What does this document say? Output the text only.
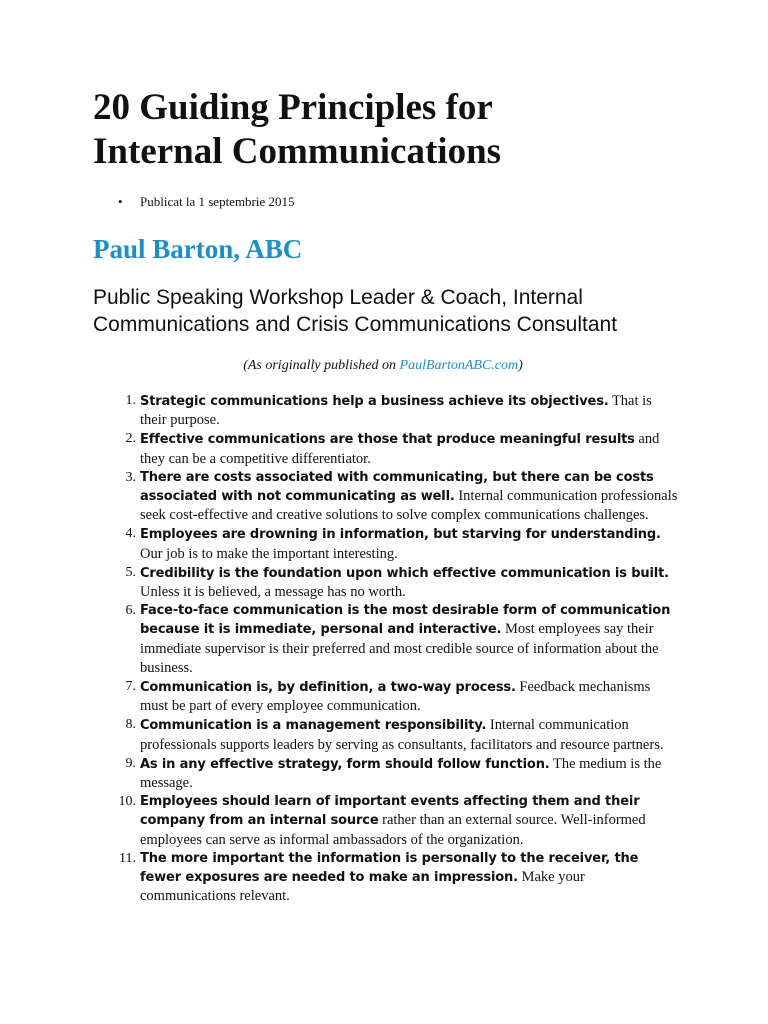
20 Guiding Principles for
Internal Communications
• Publicat la 1 septembrie 2015
Paul Barton, ABC

Public Speaking Workshop Leader & Coach, Internal Communications and Crisis Communications Consultant

(As originally published on PaulBartonABC.com)

1. Strategic communications help a business achieve its objectives. That is their purpose.
2. Effective communications are those that produce meaningful results and they can be a competitive differentiator.
3. There are costs associated with communicating, but there can be costs associated with not communicating as well. Internal communication professionals seek cost-effective and creative solutions to solve complex communications challenges.
4. Employees are drowning in information, but starving for understanding. Our job is to make the important interesting.
5. Credibility is the foundation upon which effective communication is built. Unless it is believed, a message has no worth.
6. Face-to-face communication is the most desirable form of communication because it is immediate, personal and interactive. Most employees say their immediate supervisor is their preferred and most credible source of information about the business.
7. Communication is, by definition, a two-way process. Feedback mechanisms must be part of every employee communication.
8. Communication is a management responsibility. Internal communication professionals supports leaders by serving as consultants, facilitators and resource partners.
9. As in any effective strategy, form should follow function. The medium is the message.
10. Employees should learn of important events affecting them and their company from an internal source rather than an external source. Well-informed employees can serve as informal ambassadors of the organization.
11. The more important the information is personally to the receiver, the fewer exposures are needed to make an impression. Make your communications relevant.
